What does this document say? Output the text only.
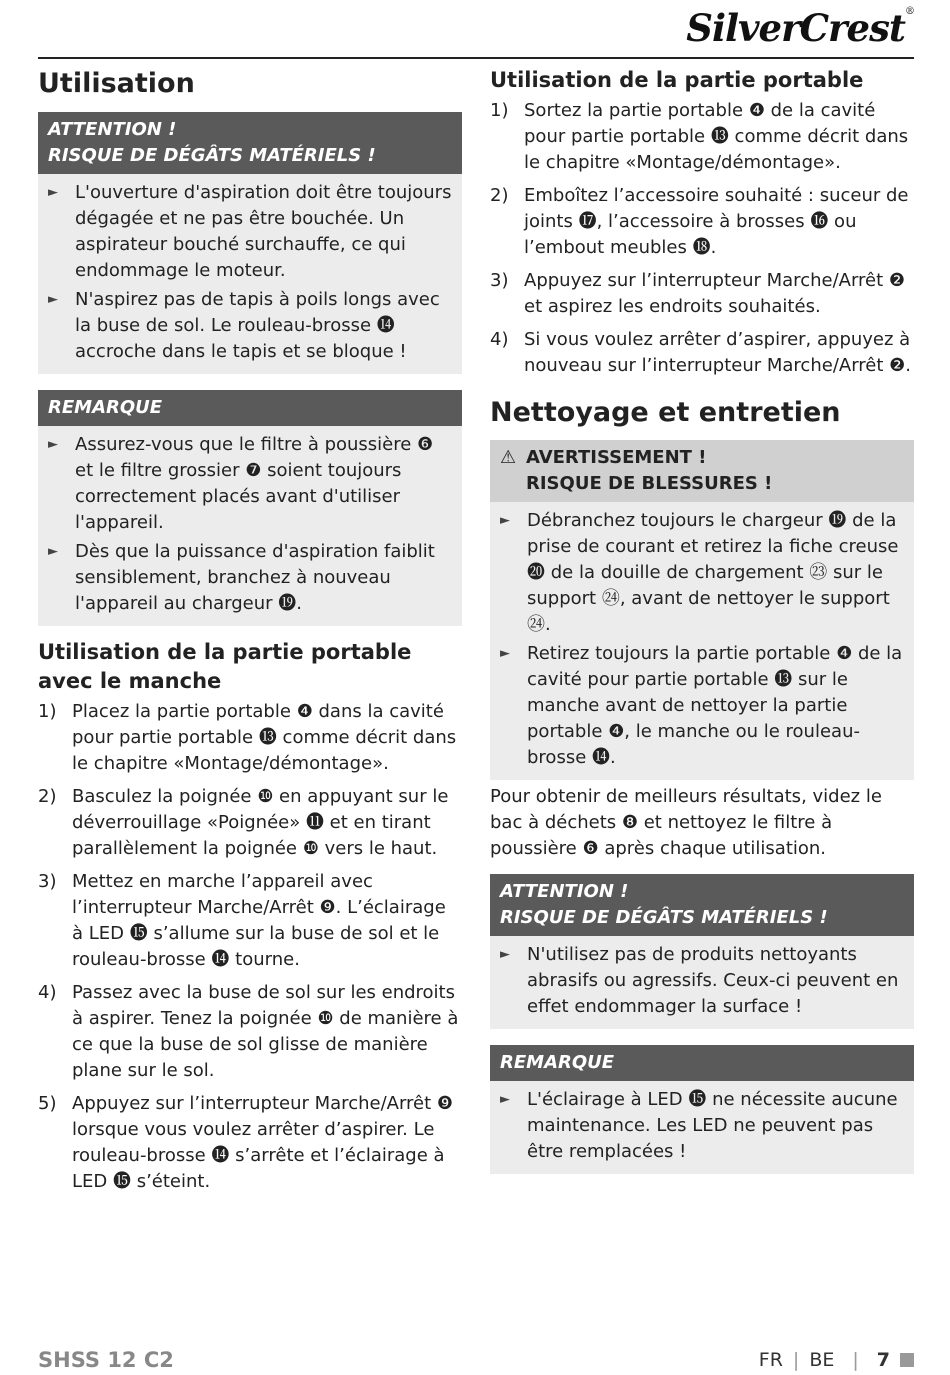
SilverCrest®
Utilisation
ATTENTION !
RISQUE DE DÉGÂTS MATÉRIELS !
► L'ouverture d'aspiration doit être toujours dégagée et ne pas être bouchée. Un aspirateur bouché surchauffe, ce qui endommage le moteur.
► N'aspirez pas de tapis à poils longs avec la buse de sol. Le rouleau-brosse ⓮ accroche dans le tapis et se bloque !
REMARQUE
► Assurez-vous que le filtre à poussière ❻ et le filtre grossier ❼ soient toujours correctement placés avant d'utiliser l'appareil.
► Dès que la puissance d'aspiration faiblit sensiblement, branchez à nouveau l'appareil au chargeur ⓳.
Utilisation de la partie portable avec le manche
1) Placez la partie portable ❹ dans la cavité pour partie portable ⓭ comme décrit dans le chapitre «Montage/démontage».
2) Basculez la poignée ❿ en appuyant sur le déverrouillage «Poignée» ⓫ et en tirant parallèlement la poignée ❿ vers le haut.
3) Mettez en marche l’appareil avec l’interrupteur Marche/Arrêt ❾. L’éclairage à LED ⓯ s’allume sur la buse de sol et le rouleau-brosse ⓮ tourne.
4) Passez avec la buse de sol sur les endroits à aspirer. Tenez la poignée ❿ de manière à ce que la buse de sol glisse de manière plane sur le sol.
5) Appuyez sur l’interrupteur Marche/Arrêt ❾ lorsque vous voulez arrêter d’aspirer. Le rouleau-brosse ⓮ s’arrête et l’éclairage à LED ⓯ s’éteint.
Utilisation de la partie portable
1) Sortez la partie portable ❹ de la cavité pour partie portable ⓭ comme décrit dans le chapitre «Montage/démontage».
2) Emboîtez l’accessoire souhaité : suceur de joints ⓱, l’accessoire à brosses ⓰ ou l’embout meubles ⓲.
3) Appuyez sur l’interrupteur Marche/Arrêt ❷ et aspirez les endroits souhaités.
4) Si vous voulez arrêter d’aspirer, appuyez à nouveau sur l’interrupteur Marche/Arrêt ❷.
Nettoyage et entretien
⚠ AVERTISSEMENT !
RISQUE DE BLESSURES !
► Débranchez toujours le chargeur ⓳ de la prise de courant et retirez la fiche creuse ⓴ de la douille de chargement ㉓ sur le support ㉔, avant de nettoyer le support ㉔.
► Retirez toujours la partie portable ❹ de la cavité pour partie portable ⓭ sur le manche avant de nettoyer la partie portable ❹, le manche ou le rouleau-brosse ⓮.

Pour obtenir de meilleurs résultats, videz le bac à déchets ❽ et nettoyez le filtre à poussière ❻ après chaque utilisation.

ATTENTION !
RISQUE DE DÉGÂTS MATÉRIELS !
► N'utilisez pas de produits nettoyants abrasifs ou agressifs. Ceux-ci peuvent en effet endommager la surface !
REMARQUE
► L'éclairage à LED ⓯ ne nécessite aucune maintenance. Les LED ne peuvent pas être remplacées !
SHSS 12 C2	FR | BE | 7
